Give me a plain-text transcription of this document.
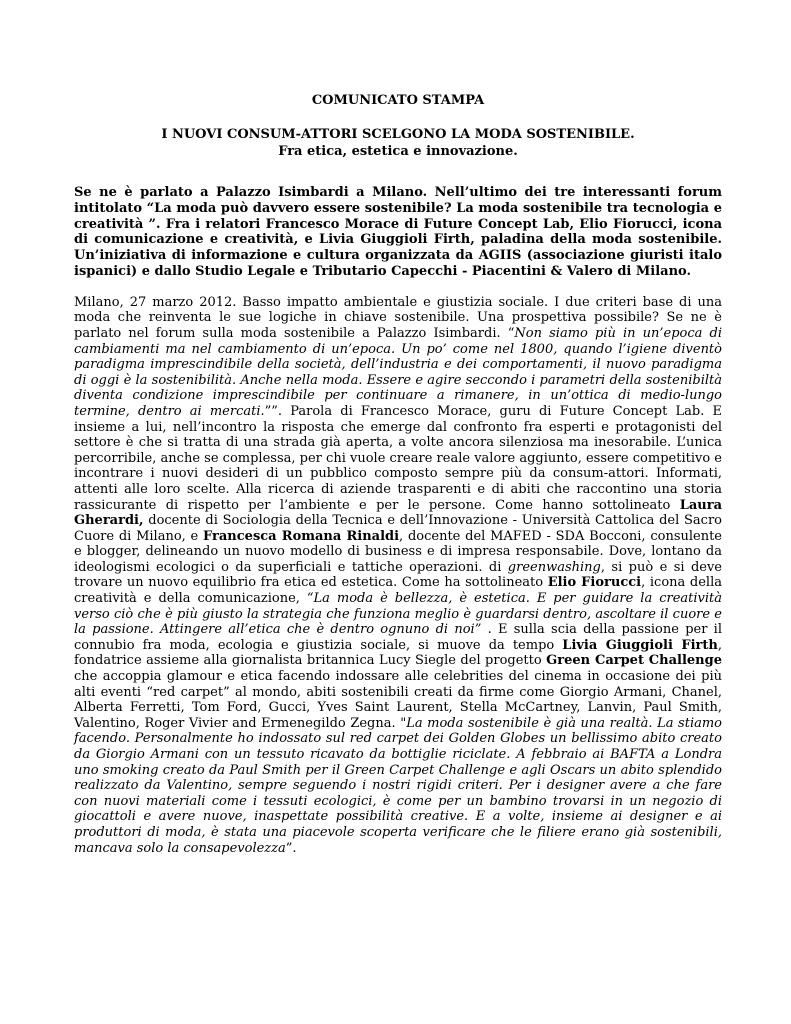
COMUNICATO STAMPA

I NUOVI CONSUM-ATTORI SCELGONO LA MODA SOSTENIBILE.

Fra etica, estetica e innovazione.

Se ne è parlato a Palazzo Isimbardi a Milano. Nell’ultimo dei tre interessanti forum intitolato “La moda può davvero essere sostenibile? La moda sostenibile tra tecnologia e creatività ”. Fra i relatori Francesco Morace di Future Concept Lab, Elio Fiorucci, icona di comunicazione e creatività, e Livia Giuggioli Firth, paladina della moda sostenibile. Un’iniziativa di informazione e cultura organizzata da AGIIS (associazione giuristi italo ispanici) e dallo Studio Legale e Tributario Capecchi - Piacentini & Valero di Milano.

Milano, 27 marzo 2012. Basso impatto ambientale e giustizia sociale. I due criteri base di una moda che reinventa le sue logiche in chiave sostenibile. Una prospettiva possibile? Se ne è parlato nel forum sulla moda sostenibile a Palazzo Isimbardi. “Non siamo più in un’epoca di cambiamenti ma nel cambiamento di un’epoca. Un po’ come nel 1800, quando l’igiene diventò paradigma imprescindibile della società, dell’industria e dei comportamenti, il nuovo paradigma di oggi è la sostenibilità. Anche nella moda. Essere e agire seccondo i parametri della sostenibiltà diventa condizione imprescindibile per continuare a rimanere, in un’ottica di medio-lungo termine, dentro ai mercati.””. Parola di Francesco Morace, guru di Future Concept Lab. E insieme a lui, nell’incontro la risposta che emerge dal confronto fra esperti e protagonisti del settore è che si tratta di una strada già aperta, a volte ancora silenziosa ma inesorabile. L’unica percorribile, anche se complessa, per chi vuole creare reale valore aggiunto, essere competitivo e incontrare i nuovi desideri di un pubblico composto sempre più da consum-attori. Informati, attenti alle loro scelte. Alla ricerca di aziende trasparenti e di abiti che raccontino una storia rassicurante di rispetto per l’ambiente e per le persone. Come hanno sottolineato Laura Gherardi, docente di Sociologia della Tecnica e dell’Innovazione - Università Cattolica del Sacro Cuore di Milano, e Francesca Romana Rinaldi, docente del MAFED - SDA Bocconi, consulente e blogger, delineando un nuovo modello di business e di impresa responsabile. Dove, lontano da ideologismi ecologici o da superficiali e tattiche operazioni. di greenwashing, si può e si deve trovare un nuovo equilibrio fra etica ed estetica. Come ha sottolineato Elio Fiorucci, icona della creatività e della comunicazione, “La moda è bellezza, è estetica. E per guidare la creatività verso ciò che è più giusto la strategia che funziona meglio è guardarsi dentro, ascoltare il cuore e la passione. Attingere all’etica che è dentro ognuno di noi” . E sulla scia della passione per il connubio fra moda, ecologia e giustizia sociale, si muove da tempo Livia Giuggioli Firth, fondatrice assieme alla giornalista britannica Lucy Siegle del progetto Green Carpet Challenge che accoppia glamour e etica facendo indossare alle celebrities del cinema in occasione dei più alti eventi “red carpet” al mondo, abiti sostenibili creati da firme come Giorgio Armani, Chanel, Alberta Ferretti, Tom Ford, Gucci, Yves Saint Laurent, Stella McCartney, Lanvin, Paul Smith, Valentino, Roger Vivier and Ermenegildo Zegna. "La moda sostenibile è già una realtà. La stiamo facendo. Personalmente ho indossato sul red carpet dei Golden Globes un bellissimo abito creato da Giorgio Armani con un tessuto ricavato da bottiglie riciclate. A febbraio ai BAFTA a Londra uno smoking creato da Paul Smith per il Green Carpet Challenge e agli Oscars un abito splendido realizzato da Valentino, sempre seguendo i nostri rigidi criteri. Per i designer avere a che fare con nuovi materiali come i tessuti ecologici, è come per un bambino trovarsi in un negozio di giocattoli e avere nuove, inaspettate possibilità creative. E a volte, insieme ai designer e ai produttori di moda, è stata una piacevole scoperta verificare che le filiere erano già sostenibili, mancava solo la consapevolezza”.
